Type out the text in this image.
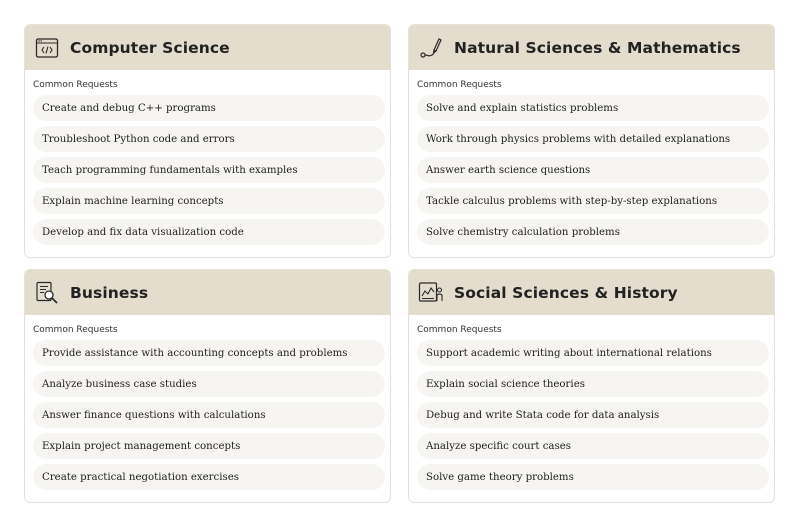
Computer Science
Common Requests
Create and debug C++ programs
Troubleshoot Python code and errors
Teach programming fundamentals with examples
Explain machine learning concepts
Develop and fix data visualization code
Natural Sciences & Mathematics
Common Requests
Solve and explain statistics problems
Work through physics problems with detailed explanations
Answer earth science questions
Tackle calculus problems with step-by-step explanations
Solve chemistry calculation problems
Business
Common Requests
Provide assistance with accounting concepts and problems
Analyze business case studies
Answer finance questions with calculations
Explain project management concepts
Create practical negotiation exercises
Social Sciences & History
Common Requests
Support academic writing about international relations
Explain social science theories
Debug and write Stata code for data analysis
Analyze specific court cases
Solve game theory problems
